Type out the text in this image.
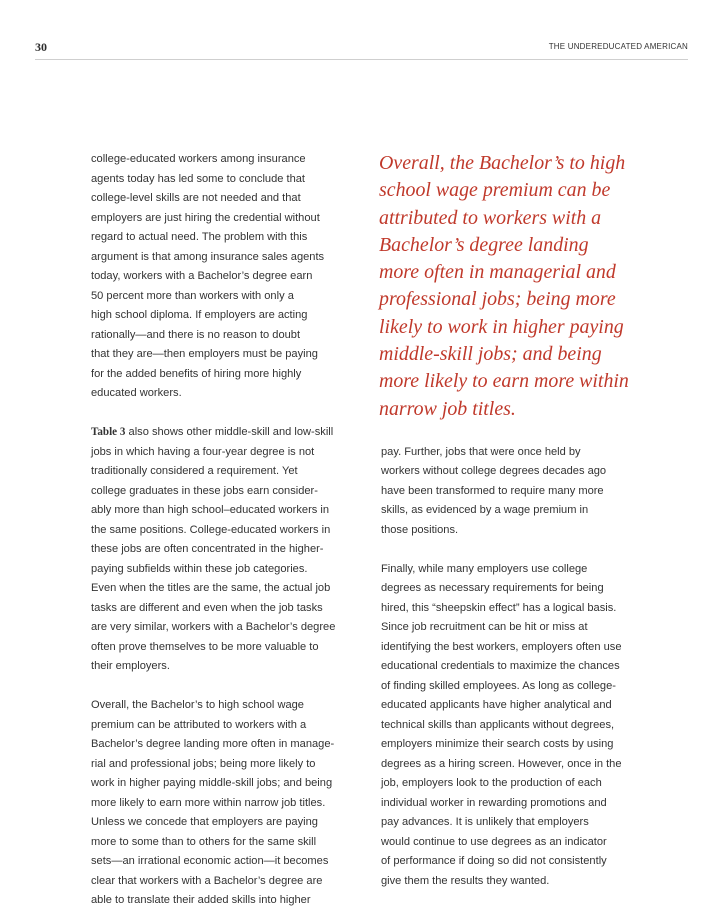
30	THE UNDEREDUCATED AMERICAN
college-educated workers among insurance
agents today has led some to conclude that
college-level skills are not needed and that
employers are just hiring the credential without
regard to actual need. The problem with this
argument is that among insurance sales agents
today, workers with a Bachelor’s degree earn
50 percent more than workers with only a
high school diploma. If employers are acting
rationally—and there is no reason to doubt
that they are—then employers must be paying
for the added benefits of hiring more highly
educated workers.
Table 3 also shows other middle-skill and low-skill
jobs in which having a four-year degree is not
traditionally considered a requirement. Yet
college graduates in these jobs earn consider-
ably more than high school–educated workers in
the same positions. College-educated workers in
these jobs are often concentrated in the higher-
paying subfields within these job categories.
Even when the titles are the same, the actual job
tasks are different and even when the job tasks
are very similar, workers with a Bachelor’s degree
often prove themselves to be more valuable to
their employers.
Overall, the Bachelor’s to high school wage
premium can be attributed to workers with a
Bachelor’s degree landing more often in manage-
rial and professional jobs; being more likely to
work in higher paying middle-skill jobs; and being
more likely to earn more within narrow job titles.
Unless we concede that employers are paying
more to some than to others for the same skill
sets—an irrational economic action—it becomes
clear that workers with a Bachelor’s degree are
able to translate their added skills into higher
Overall, the Bachelor’s to high
school wage premium can be
attributed to workers with a
Bachelor’s degree landing
more often in managerial and
professional jobs; being more
likely to work in higher paying
middle-skill jobs; and being
more likely to earn more within
narrow job titles.
pay. Further, jobs that were once held by
workers without college degrees decades ago
have been transformed to require many more
skills, as evidenced by a wage premium in
those positions.
Finally, while many employers use college
degrees as necessary requirements for being
hired, this “sheepskin effect” has a logical basis.
Since job recruitment can be hit or miss at
identifying the best workers, employers often use
educational credentials to maximize the chances
of finding skilled employees. As long as college-
educated applicants have higher analytical and
technical skills than applicants without degrees,
employers minimize their search costs by using
degrees as a hiring screen. However, once in the
job, employers look to the production of each
individual worker in rewarding promotions and
pay advances. It is unlikely that employers
would continue to use degrees as an indicator
of performance if doing so did not consistently
give them the results they wanted.
